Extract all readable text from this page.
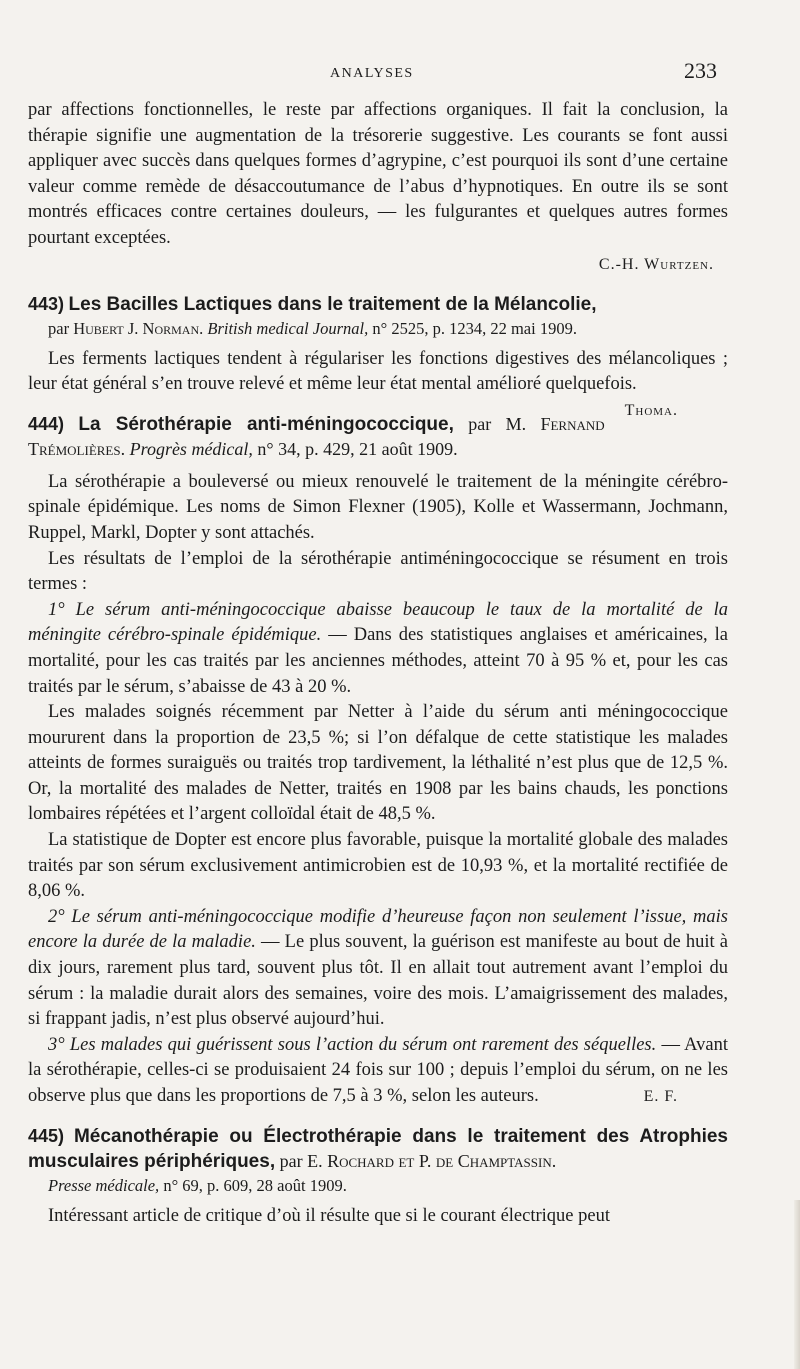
ANALYSES	233

par affections fonctionnelles, le reste par affections organiques. Il fait la conclusion, la thérapie signifie une augmentation de la trésorerie suggestive. Les courants se font aussi appliquer avec succès dans quelques formes d’agrypine, c’est pourquoi ils sont d’une certaine valeur comme remède de désaccoutumance de l’abus d’hypnotiques. En outre ils se sont montrés efficaces contre certaines douleurs, — les fulgurantes et quelques autres formes pourtant exceptées.

C.-H. Wurtzen.

443) Les Bacilles Lactiques dans le traitement de la Mélancolie,

par Hubert J. Norman. British medical Journal, n° 2525, p. 1234, 22 mai 1909.

Les ferments lactiques tendent à régulariser les fonctions digestives des mélancoliques ; leur état général s’en trouve relevé et même leur état mental amélioré quelquefois.
Thoma.

444) La Sérothérapie anti-méningococcique, par M. Fernand Trémolières. Progrès médical, n° 34, p. 429, 21 août 1909.

La sérothérapie a bouleversé ou mieux renouvelé le traitement de la méningite cérébro-spinale épidémique. Les noms de Simon Flexner (1905), Kolle et Wassermann, Jochmann, Ruppel, Markl, Dopter y sont attachés.

Les résultats de l’emploi de la sérothérapie antiméningococcique se résument en trois termes :

1° Le sérum anti-méningococcique abaisse beaucoup le taux de la mortalité de la méningite cérébro-spinale épidémique. — Dans des statistiques anglaises et américaines, la mortalité, pour les cas traités par les anciennes méthodes, atteint 70 à 95 % et, pour les cas traités par le sérum, s’abaisse de 43 à 20 %.

Les malades soignés récemment par Netter à l’aide du sérum anti méningococcique moururent dans la proportion de 23,5 %; si l’on défalque de cette statistique les malades atteints de formes suraiguës ou traités trop tardivement, la léthalité n’est plus que de 12,5 %. Or, la mortalité des malades de Netter, traités en 1908 par les bains chauds, les ponctions lombaires répétées et l’argent colloïdal était de 48,5 %.

La statistique de Dopter est encore plus favorable, puisque la mortalité globale des malades traités par son sérum exclusivement antimicrobien est de 10,93 %, et la mortalité rectifiée de 8,06 %.

2° Le sérum anti-méningococcique modifie d’heureuse façon non seulement l’issue, mais encore la durée de la maladie. — Le plus souvent, la guérison est manifeste au bout de huit à dix jours, rarement plus tard, souvent plus tôt. Il en allait tout autrement avant l’emploi du sérum : la maladie durait alors des semaines, voire des mois. L’amaigrissement des malades, si frappant jadis, n’est plus observé aujourd’hui.

3° Les malades qui guérissent sous l’action du sérum ont rarement des séquelles. — Avant la sérothérapie, celles-ci se produisaient 24 fois sur 100 ; depuis l’emploi du sérum, on ne les observe plus que dans les proportions de 7,5 à 3 %, selon les auteurs.	E. F.

445) Mécanothérapie ou Électrothérapie dans le traitement des Atrophies musculaires périphériques, par E. Rochard et P. de Champtassin.

Presse médicale, n° 69, p. 609, 28 août 1909.

Intéressant article de critique d’où il résulte que si le courant électrique peut
